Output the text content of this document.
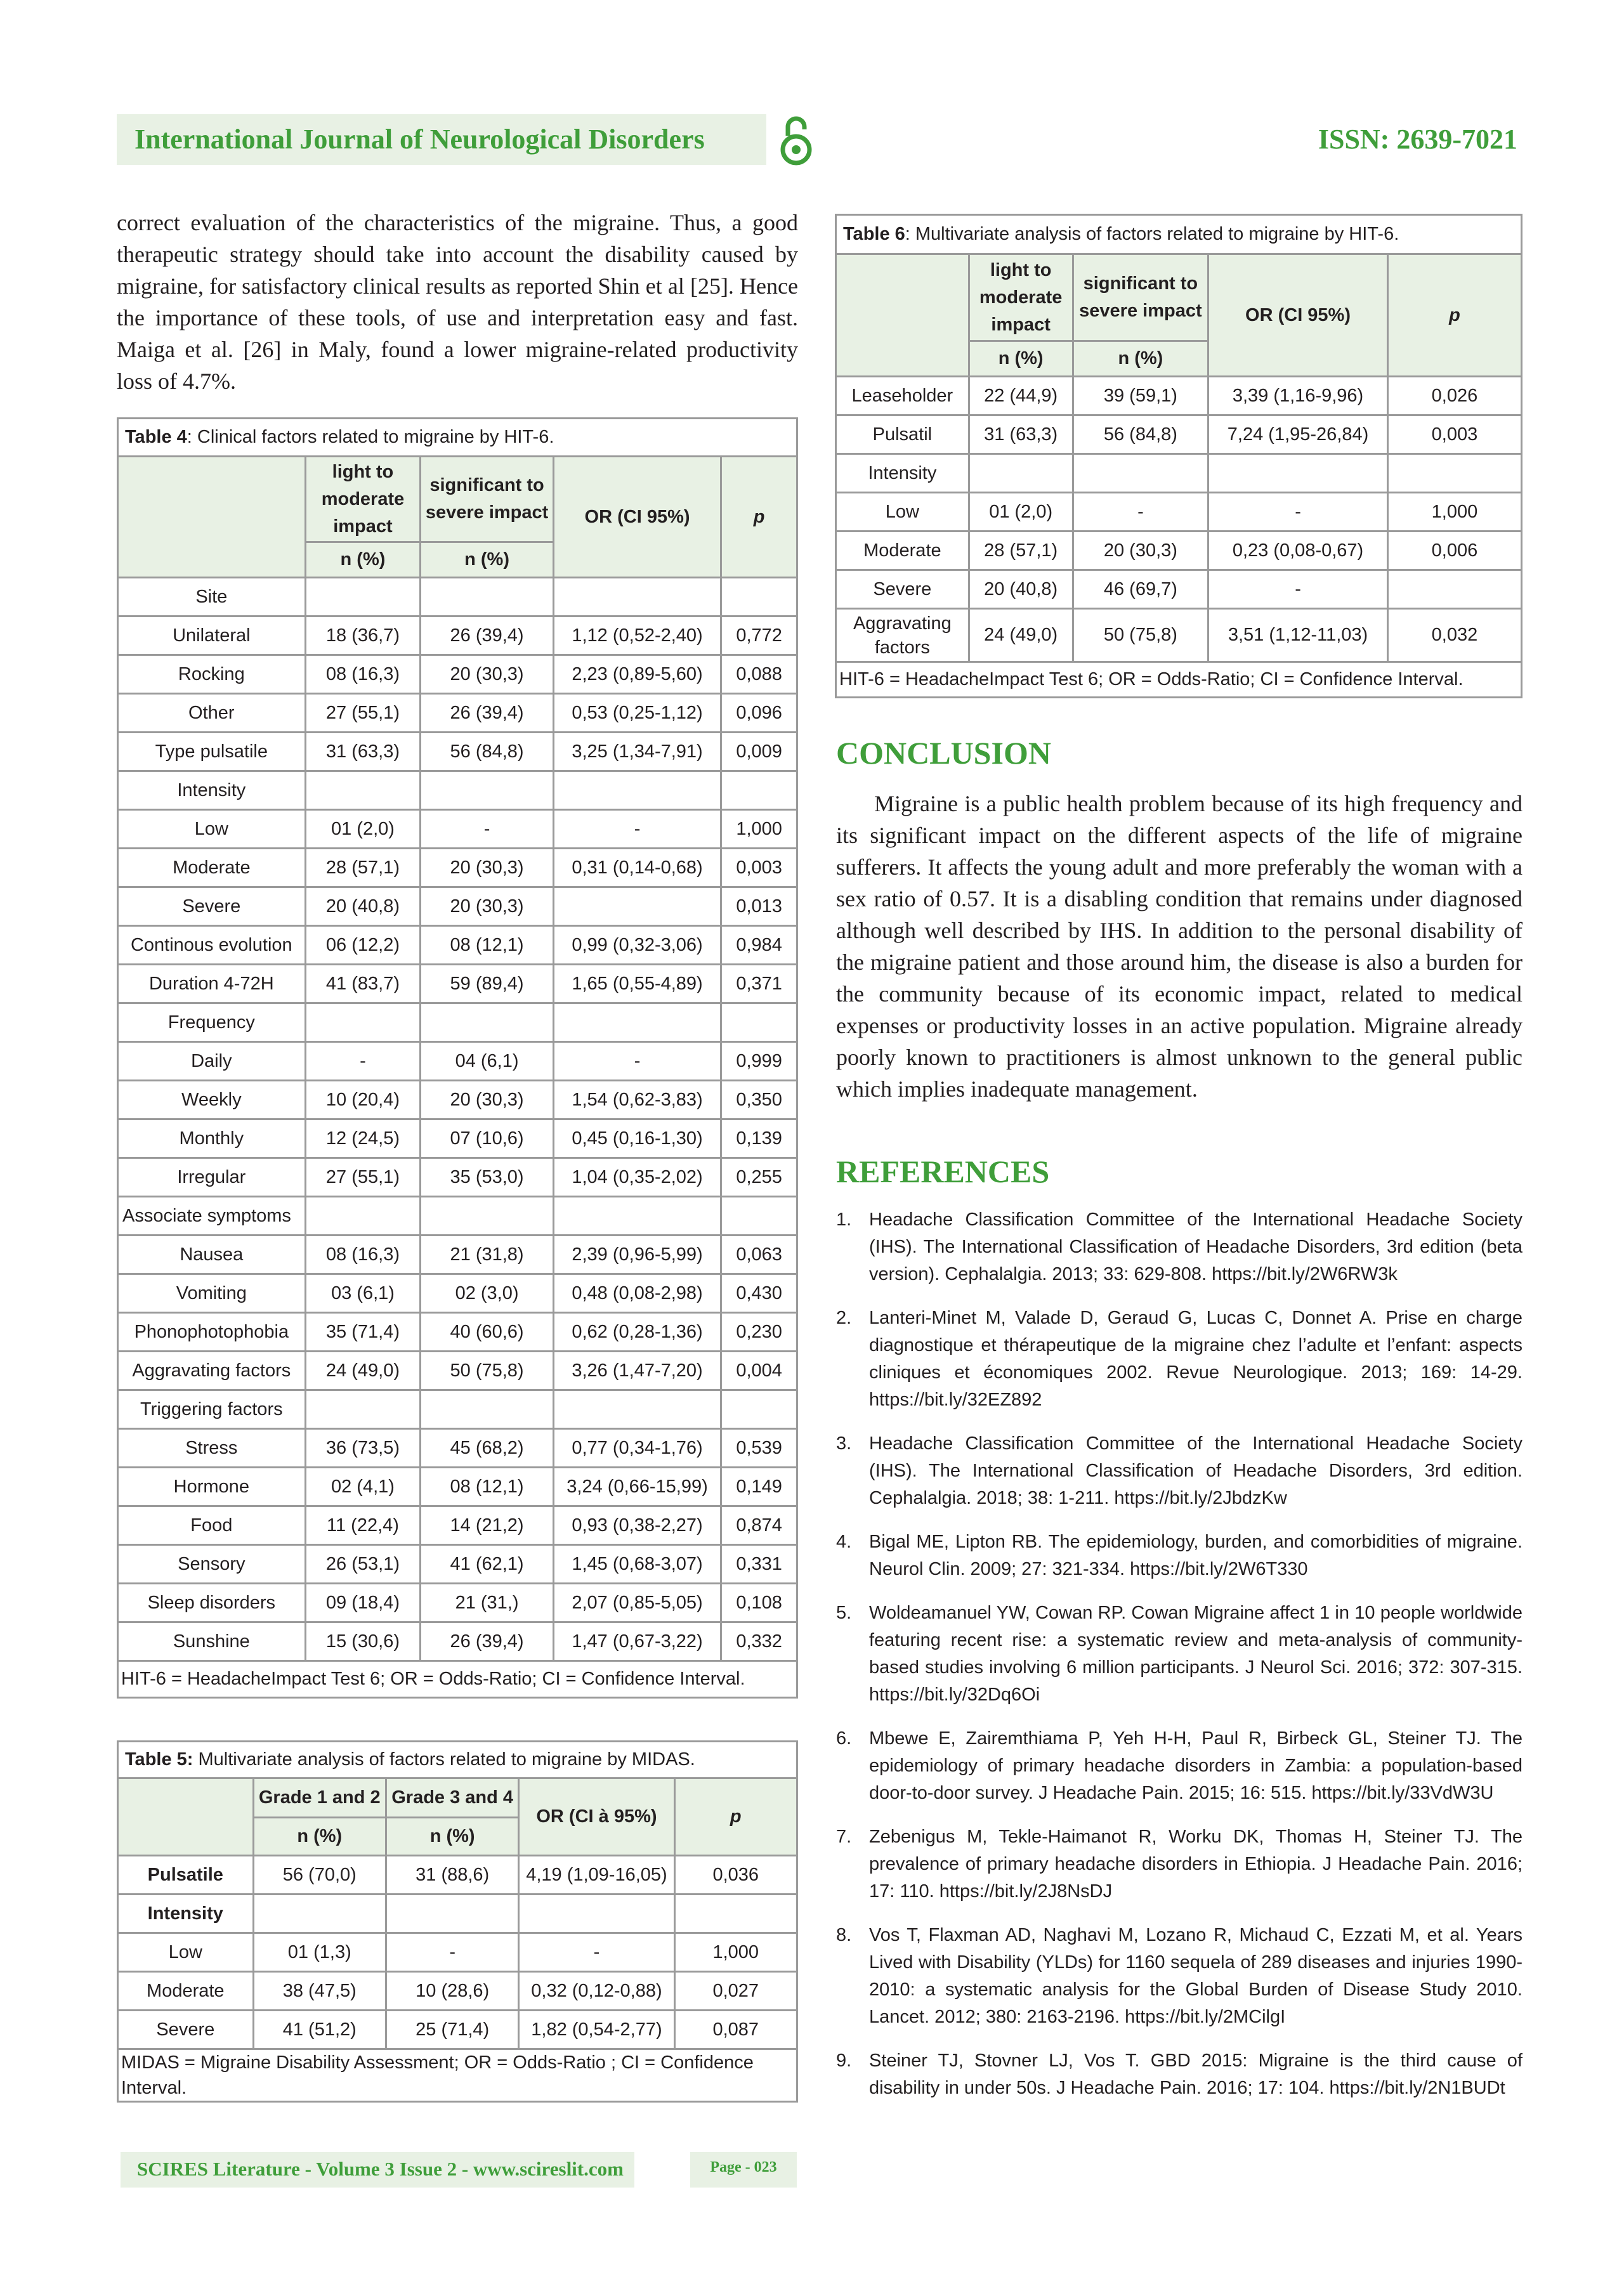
International Journal of Neurological Disorders	ISSN: 2639-7021

correct evaluation of the characteristics of the migraine. Thus, a good therapeutic strategy should take into account the disability caused by migraine, for satisfactory clinical results as reported Shin et al [25]. Hence the importance of these tools, of use and interpretation easy and fast. Maiga et al. [26] in Maly, found a lower migraine-related productivity loss of 4.7%.

Table 4: Clinical factors related to migraine by HIT-6.				
	light to moderate impact	significant to severe impact	OR (CI 95%)	p
	n (%)	n (%)		
Site				
Unilateral	18 (36,7)	26 (39,4)	1,12 (0,52-2,40)	0,772
Rocking	08 (16,3)	20 (30,3)	2,23 (0,89-5,60)	0,088
Other	27 (55,1)	26 (39,4)	0,53 (0,25-1,12)	0,096
Type pulsatile	31 (63,3)	56 (84,8)	3,25 (1,34-7,91)	0,009
Intensity				
Low	01 (2,0)	-	-	1,000
Moderate	28 (57,1)	20 (30,3)	0,31 (0,14-0,68)	0,003
Severe	20 (40,8)	20 (30,3)		0,013
Continous evolution	06 (12,2)	08 (12,1)	0,99 (0,32-3,06)	0,984
Duration 4-72H	41 (83,7)	59 (89,4)	1,65 (0,55-4,89)	0,371
Frequency				
Daily	-	04 (6,1)	-	0,999
Weekly	10 (20,4)	20 (30,3)	1,54 (0,62-3,83)	0,350
Monthly	12 (24,5)	07 (10,6)	0,45 (0,16-1,30)	0,139
Irregular	27 (55,1)	35 (53,0)	1,04 (0,35-2,02)	0,255
Associate symptoms				
Nausea	08 (16,3)	21 (31,8)	2,39 (0,96-5,99)	0,063
Vomiting	03 (6,1)	02 (3,0)	0,48 (0,08-2,98)	0,430
Phonophotophobia	35 (71,4)	40 (60,6)	0,62 (0,28-1,36)	0,230
Aggravating factors	24 (49,0)	50 (75,8)	3,26 (1,47-7,20)	0,004
Triggering factors				
Stress	36 (73,5)	45 (68,2)	0,77 (0,34-1,76)	0,539
Hormone	02 (4,1)	08 (12,1)	3,24 (0,66-15,99)	0,149
Food	11 (22,4)	14 (21,2)	0,93 (0,38-2,27)	0,874
Sensory	26 (53,1)	41 (62,1)	1,45 (0,68-3,07)	0,331
Sleep disorders	09 (18,4)	21 (31,)	2,07 (0,85-5,05)	0,108
Sunshine	15 (30,6)	26 (39,4)	1,47 (0,67-3,22)	0,332
HIT-6 = HeadacheImpact Test 6; OR = Odds-Ratio; CI = Confidence Interval.				
Table 5: Multivariate analysis of factors related to migraine by MIDAS.				
	Grade 1 and 2	Grade 3 and 4	OR (CI à 95%)	p
	n (%)	n (%)		
Pulsatile	56 (70,0)	31 (88,6)	4,19 (1,09-16,05)	0,036
Intensity				
Low	01 (1,3)	-	-	1,000
Moderate	38 (47,5)	10 (28,6)	0,32 (0,12-0,88)	0,027
Severe	41 (51,2)	25 (71,4)	1,82 (0,54-2,77)	0,087
MIDAS = Migraine Disability Assessment; OR = Odds-Ratio ; CI = Confidence Interval.				
Table 6: Multivariate analysis of factors related to migraine by HIT-6.				
	light to moderate impact	significant to severe impact	OR (CI 95%)	p
	n (%)	n (%)		
Leaseholder	22 (44,9)	39 (59,1)	3,39 (1,16-9,96)	0,026
Pulsatil	31 (63,3)	56 (84,8)	7,24 (1,95-26,84)	0,003
Intensity				
Low	01 (2,0)	-	-	1,000
Moderate	28 (57,1)	20 (30,3)	0,23 (0,08-0,67)	0,006
Severe	20 (40,8)	46 (69,7)	-	
Aggravating factors	24 (49,0)	50 (75,8)	3,51 (1,12-11,03)	0,032
HIT-6 = HeadacheImpact Test 6; OR = Odds-Ratio; CI = Confidence Interval.				
CONCLUSION

Migraine is a public health problem because of its high frequency and its significant impact on the different aspects of the life of migraine sufferers. It affects the young adult and more preferably the woman with a sex ratio of 0.57. It is a disabling condition that remains under diagnosed although well described by IHS. In addition to the personal disability of the migraine patient and those around him, the disease is also a burden for the community because of its economic impact, related to medical expenses or productivity losses in an active population. Migraine already poorly known to practitioners is almost unknown to the general public which implies inadequate management.

REFERENCES
1. Headache Classification Committee of the International Headache Society (IHS). The International Classification of Headache Disorders, 3rd edition (beta version). Cephalalgia. 2013; 33: 629-808. https://bit.ly/2W6RW3k
2. Lanteri-Minet M, Valade D, Geraud G, Lucas C, Donnet A. Prise en charge diagnostique et thérapeutique de la migraine chez l’adulte et l’enfant: aspects cliniques et économiques 2002. Revue Neurologique. 2013; 169: 14-29. https://bit.ly/32EZ892
3. Headache Classification Committee of the International Headache Society (IHS). The International Classification of Headache Disorders, 3rd edition. Cephalalgia. 2018; 38: 1-211. https://bit.ly/2JbdzKw
4. Bigal ME, Lipton RB. The epidemiology, burden, and comorbidities of migraine. Neurol Clin. 2009; 27: 321-334. https://bit.ly/2W6T330
5. Woldeamanuel YW, Cowan RP. Cowan Migraine affect 1 in 10 people worldwide featuring recent rise: a systematic review and meta-analysis of community-based studies involving 6 million participants. J Neurol Sci. 2016; 372: 307-315. https://bit.ly/32Dq6Oi
6. Mbewe E, Zairemthiama P, Yeh H-H, Paul R, Birbeck GL, Steiner TJ. The epidemiology of primary headache disorders in Zambia: a population-based door-to-door survey. J Headache Pain. 2015; 16: 515. https://bit.ly/33VdW3U
7. Zebenigus M, Tekle-Haimanot R, Worku DK, Thomas H, Steiner TJ. The prevalence of primary headache disorders in Ethiopia. J Headache Pain. 2016; 17: 110. https://bit.ly/2J8NsDJ
8. Vos T, Flaxman AD, Naghavi M, Lozano R, Michaud C, Ezzati M, et al. Years Lived with Disability (YLDs) for 1160 sequela of 289 diseases and injuries 1990-2010: a systematic analysis for the Global Burden of Disease Study 2010. Lancet. 2012; 380: 2163-2196. https://bit.ly/2MCilgI
9. Steiner TJ, Stovner LJ, Vos T. GBD 2015: Migraine is the third cause of disability in under 50s. J Headache Pain. 2016; 17: 104. https://bit.ly/2N1BUDt
SCIRES Literature - Volume 3 Issue 2 - www.scireslit.com	Page - 023
